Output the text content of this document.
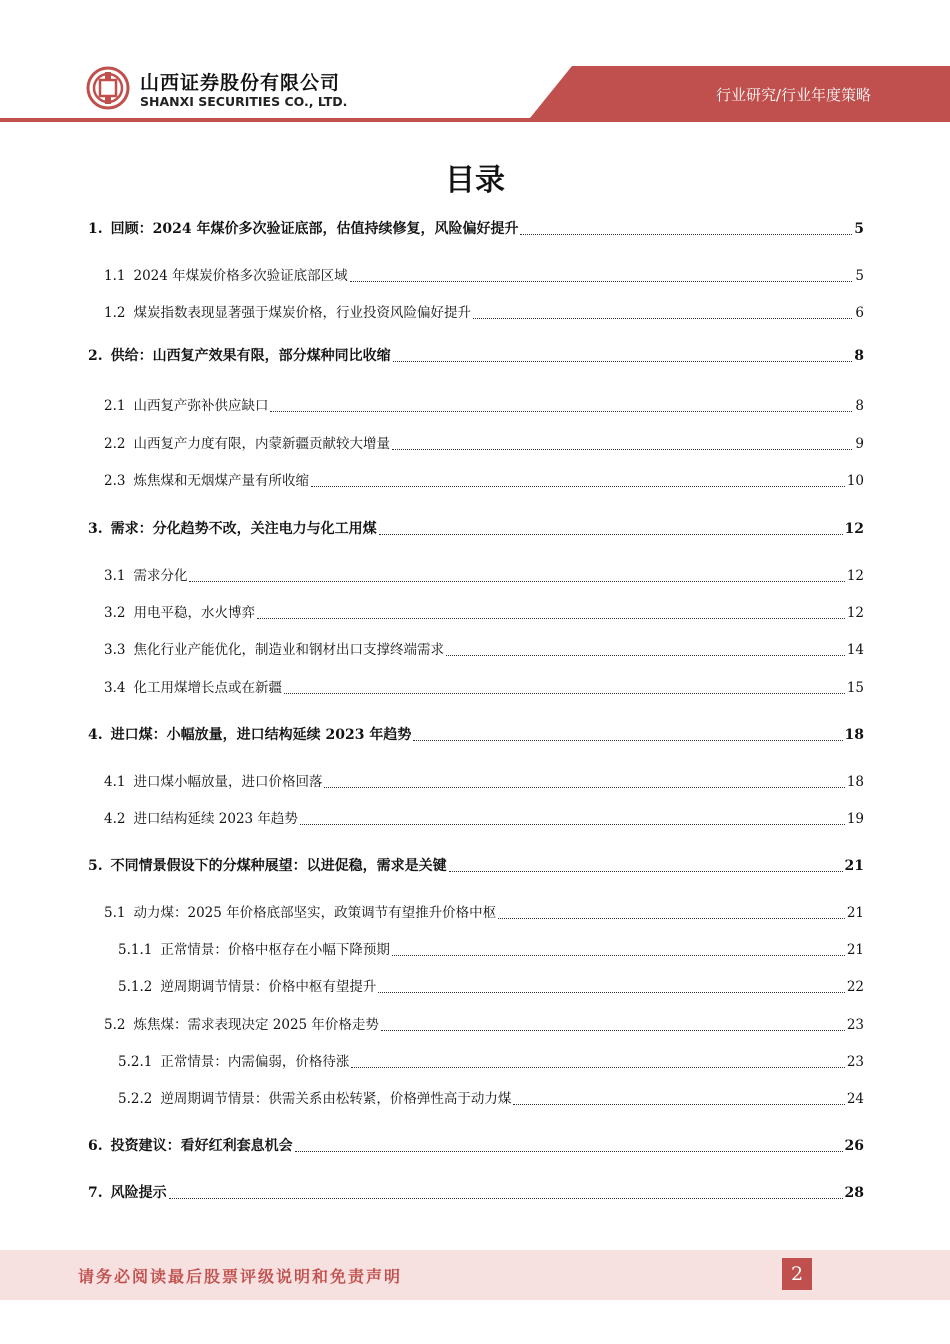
山西证券股份有限公司
SHANXI SECURITIES CO., LTD.	行业研究/行业年度策略
目录
1. 回顾：2024 年煤价多次验证底部，估值持续修复，风险偏好提升	5
1.1 2024 年煤炭价格多次验证底部区域	5
1.2 煤炭指数表现显著强于煤炭价格，行业投资风险偏好提升	6
2. 供给：山西复产效果有限，部分煤种同比收缩	8
2.1 山西复产弥补供应缺口	8
2.2 山西复产力度有限，内蒙新疆贡献较大增量	9
2.3 炼焦煤和无烟煤产量有所收缩	10
3. 需求：分化趋势不改，关注电力与化工用煤	12
3.1 需求分化	12
3.2 用电平稳，水火博弈	12
3.3 焦化行业产能优化，制造业和钢材出口支撑终端需求	14
3.4 化工用煤增长点或在新疆	15
4. 进口煤：小幅放量，进口结构延续 2023 年趋势	18
4.1 进口煤小幅放量，进口价格回落	18
4.2 进口结构延续 2023 年趋势	19
5. 不同情景假设下的分煤种展望：以进促稳，需求是关键	21
5.1 动力煤：2025 年价格底部坚实，政策调节有望推升价格中枢	21
5.1.1 正常情景：价格中枢存在小幅下降预期	21
5.1.2 逆周期调节情景：价格中枢有望提升	22
5.2 炼焦煤：需求表现决定 2025 年价格走势	23
5.2.1 正常情景：内需偏弱，价格待涨	23
5.2.2 逆周期调节情景：供需关系由松转紧，价格弹性高于动力煤	24
6. 投资建议：看好红利套息机会	26
7. 风险提示	28
请务必阅读最后股票评级说明和免责声明	2
